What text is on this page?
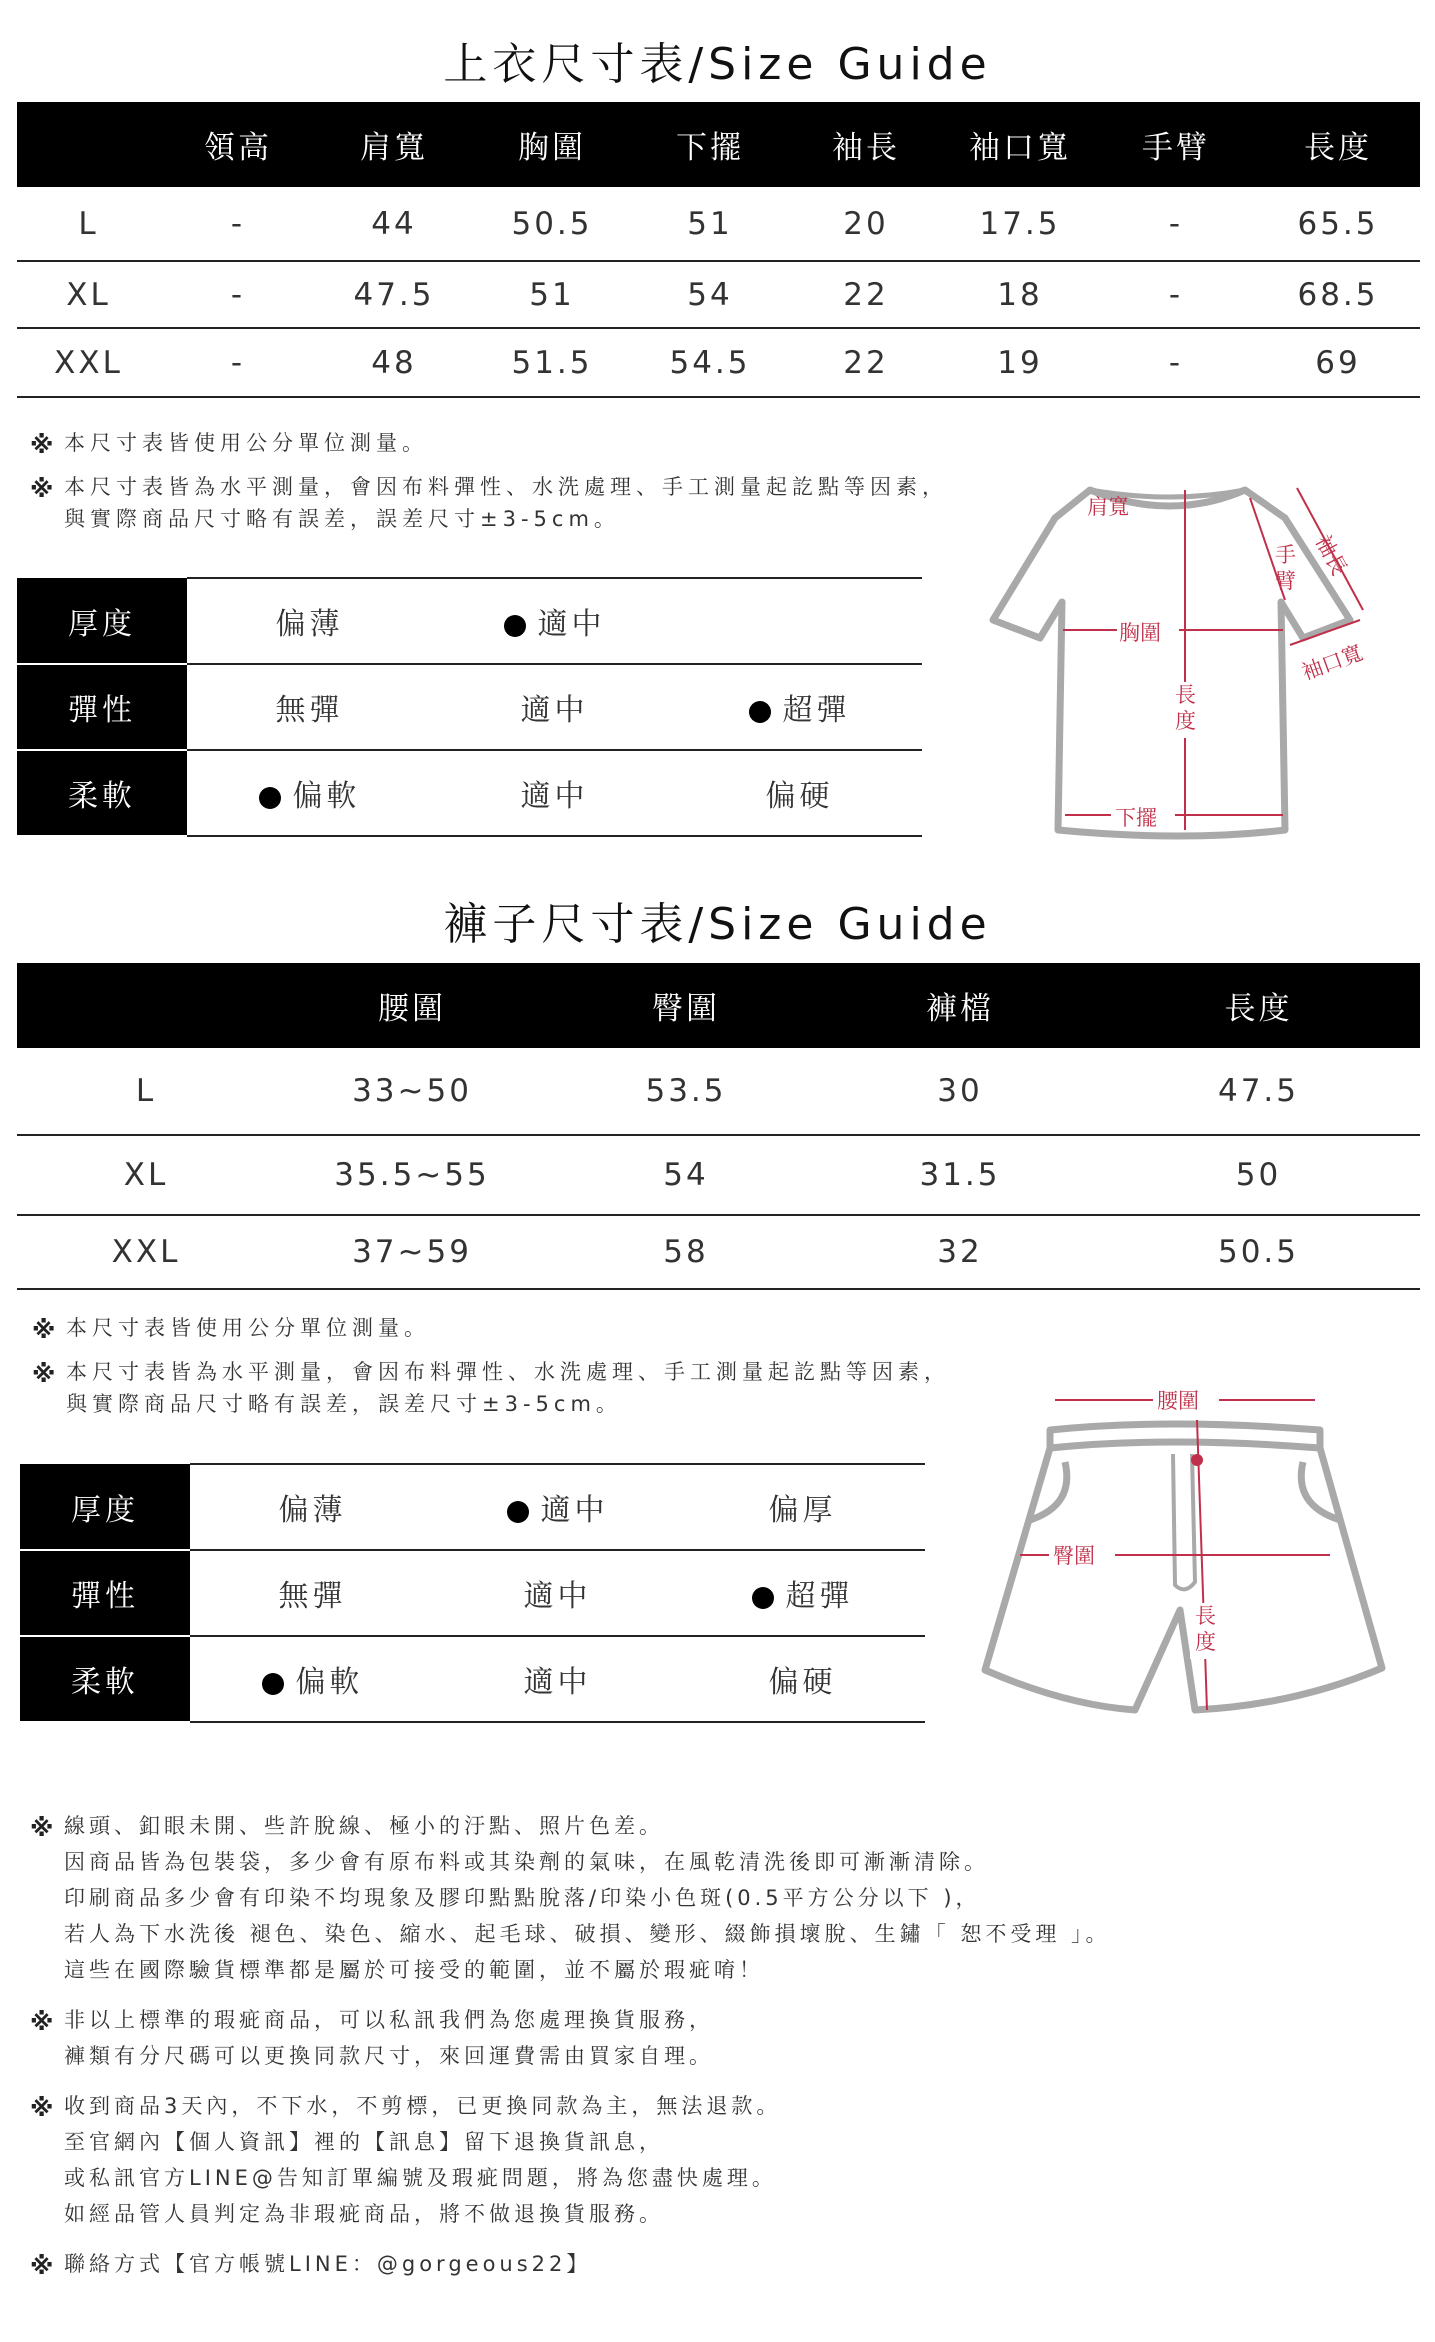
上衣尺寸表/Size Guide
	領高	肩寬	胸圍	下擺	袖長	袖口寬	手臂	長度
L	-	44	50.5	51	20	17.5	-	65.5
XL	-	47.5	51	54	22	18	-	68.5
XXL	-	48	51.5	54.5	22	19	-	69
※ 本尺寸表皆使用公分單位測量。
※ 本尺寸表皆為水平測量，會因布料彈性、水洗處理、手工測量起訖點等因素，
與實際商品尺寸略有誤差，誤差尺寸±3-5cm。
厚度	偏薄	適中	
彈性	無彈	適中	超彈
柔軟	偏軟	適中	偏硬
肩寬
胸圍
長
度
下擺
手
臂
袖長
袖口寬
褲子尺寸表/Size Guide
	腰圍	臀圍	褲檔	長度
L	33~50	53.5	30	47.5
XL	35.5~55	54	31.5	50
XXL	37~59	58	32	50.5
※ 本尺寸表皆使用公分單位測量。
※ 本尺寸表皆為水平測量，會因布料彈性、水洗處理、手工測量起訖點等因素，
與實際商品尺寸略有誤差，誤差尺寸±3-5cm。
厚度	偏薄	適中	偏厚
彈性	無彈	適中	超彈
柔軟	偏軟	適中	偏硬
腰圍
臀圍
長
度
※ 線頭、釦眼未開、些許脫線、極小的汙點、照片色差。
因商品皆為包裝袋，多少會有原布料或其染劑的氣味，在風乾清洗後即可漸漸清除。
印刷商品多少會有印染不均現象及膠印點點脫落/印染小色斑(0.5平方公分以下 )，
若人為下水洗後 褪色、染色、縮水、起毛球、破損、變形、綴飾損壞脫、生鏽「 恕不受理 」。
這些在國際驗貨標準都是屬於可接受的範圍，並不屬於瑕疵唷！
※ 非以上標準的瑕疵商品，可以私訊我們為您處理換貨服務，
褲類有分尺碼可以更換同款尺寸，來回運費需由買家自理。
※ 收到商品3天內，不下水，不剪標，已更換同款為主，無法退款。
至官網內【個人資訊】裡的【訊息】留下退換貨訊息，
或私訊官方LINE@告知訂單編號及瑕疵問題，將為您盡快處理。
如經品管人員判定為非瑕疵商品，將不做退換貨服務。
※ 聯絡方式【官方帳號LINE：@gorgeous22】
